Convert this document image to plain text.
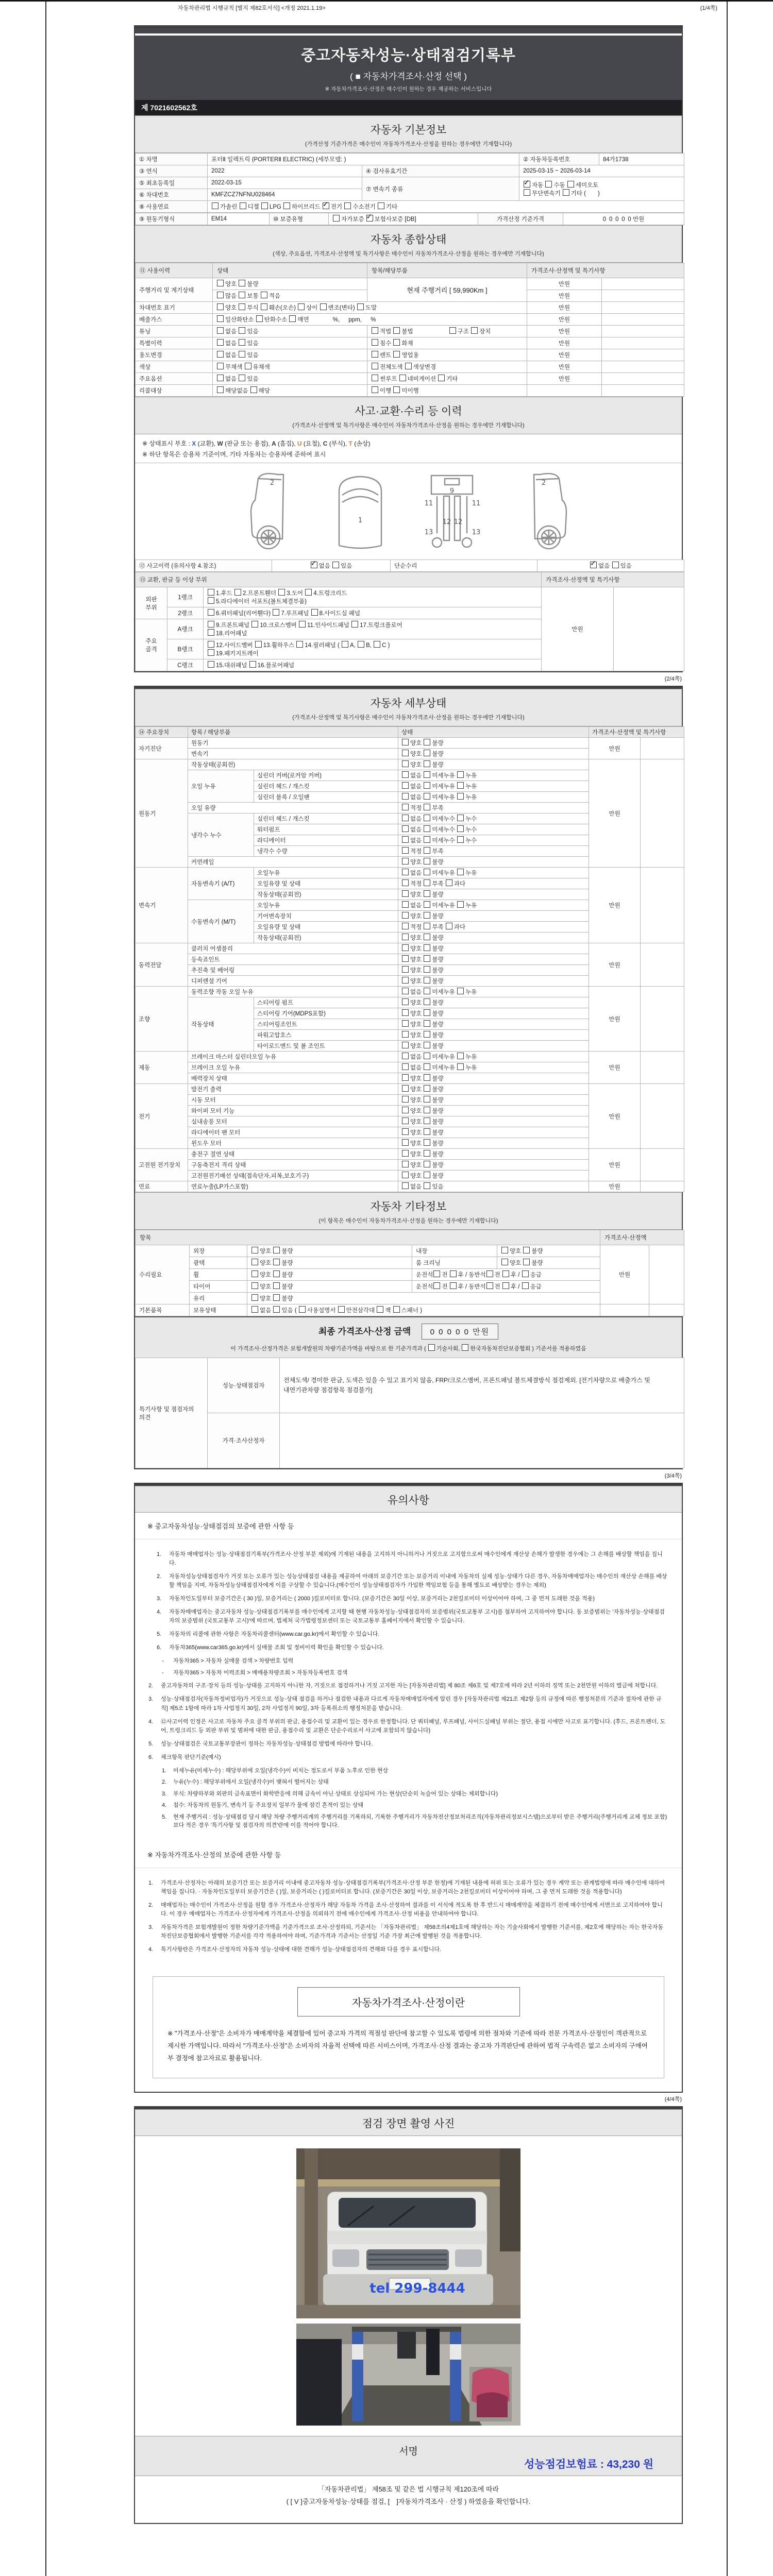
자동차관리법 시행규칙 [별지 제82호서식] <개정 2021.1.19>	(1/4쪽)
중고자동차성능·상태점검기록부
( ■ 자동차가격조사·산정 선택 )
※ 자동차가격조사·산정은 매수인이 원하는 경우 제공하는 서비스입니다
제 7021602562호
자동차 기본정보
(가격산정 기준가격은 매수인이 자동차가격조사·산정을 원하는 경우에만 기재합니다)
① 차명	포터Ⅱ 일렉트릭 (PORTERⅡ ELECTRIC) (세부모델: )		② 자동차등록번호	84가1738
③ 연식	2022	④ 검사유효기간	2025-03-15 ~ 2026-03-14	
⑤ 최초등록일	2022-03-15	⑦ 변속기 종류	✓자동 수동 세미오토
무단변속기 기타 (  )
⑥ 차대번호	KMFZCZ7NFNU028464			
⑧ 사용연료	가솔린 디젤 LPG 하이브리드 ✓전기 수소전기 기타
⑨ 원동기형식	EM14	⑩ 보증유형	자가보증 ✓보험사보증 [DB]	가격산정 기준가격	0 0 0 0 0 만원
자동차 종합상태
(색상, 주요옵션, 가격조사·산정액 및 특기사항은 매수인이 자동차가격조사·산정을 원하는 경우에만 기재합니다)
⑪ 사용이력	상태	항목/해당부품	가격조사·산정액 및 특기사항	
주행거리 및 계기상태	양호 불량	현재 주행거리 [ 59,990Km ]	만원	
	많음 보통 적음		만원	
차대번호 표기	양호 부식 훼손(오손) 상이 변조(변타) 도말		만원	
배출가스	일산화탄소 탄화수소 매연    %,  ppm,  %		만원	
튜닝	없음 있음	적법 불법      구조 장치	만원	
특별이력	없음 있음	침수 화재	만원	
용도변경	없음 있음	렌트 영업용	만원	
색상	무채색 유채색	전체도색 색상변경	만원	
주요옵션	없음 있음	썬루프 네비게이션 기타	만원	
리콜대상	해당없음 해당	이행 미이행		
사고·교환·수리 등 이력
(가격조사·산정액 및 특기사항은 매수인이 자동차가격조사·산정을 원하는 경우에만 기재합니다)
※ 상태표시 부호 : X (교환), W (판금 또는 용접), A (흠집), U (요철), C (부식), T (손상)
※ 하단 항목은 승용차 기준이며, 기타 자동차는 승용차에 준하여 표시
2
1
9
11	11
12 12
13	13
2
⑫ 사고이력 (유의사항 4.참조)	✓없음 있음	단순수리	✓없음 있음
⑬ 교환, 판금 등 이상 부위			가격조사·산정액 및 특기사항	
외판 부위	1랭크	1.후드 2.프론트휀더 3.도어 4.트렁크리드
5.라디에이터 서포트(볼트체결부품)	만원	
	2랭크	6.쿼터패널(리어휀다) 7.루프패널 8.사이드실 패널		
주요 골격	A랭크	9.프론트패널 10.크로스멤버 11.인사이드패널 17.트렁크플로어
18.리어패널		
	B랭크	12.사이드멤버 13.휠하우스 14.필러패널 ( A, B, C )
19.패키지트레이		
	C랭크	15.대쉬패널 16.플로어패널		
(2/4쪽)
자동차 세부상태
(가격조사·산정액 및 특기사항은 매수인이 자동차가격조사·산정을 원하는 경우에만 기재합니다)
⑭ 주요장치	항목 / 해당부품		상태	가격조사·산정액 및 특기사항	
자기진단	원동기		양호 불량	만원	
	변속기		양호 불량		
원동기	작동상태(공회전)		양호 불량	만원	
	오일 누유	실린더 커버(로커암 커버)	없음 미세누유 누유		
		실린더 헤드 / 개스킷	없음 미세누유 누유		
		실린더 블록 / 오일팬	없음 미세누유 누유		
	오일 유량		적정 부족		
	냉각수 누수	실린더 헤드 / 개스킷	없음 미세누수 누수		
		워터펌프	없음 미세누수 누수		
		라디에이터	없음 미세누수 누수		
		냉각수 수량	적정 부족		
	커먼레일		양호 불량		
변속기	자동변속기 (A/T)	오일누유	없음 미세누유 누유	만원	
		오일유량 및 상태	적정 부족 과다		
		작동상태(공회전)	양호 불량		
	수동변속기 (M/T)	오일누유	없음 미세누유 누유		
		기어변속장치	양호 불량		
		오일유량 및 상태	적정 부족 과다		
		작동상태(공회전)	양호 불량		
동력전달	클러치 어셈블리		양호 불량	만원	
	등속죠인트		양호 불량		
	추진축 및 베어링		양호 불량		
	디퍼렌셜 기어		양호 불량		
조향	동력조향 작동 오일 누유		없음 미세누유 누유	만원	
	작동상태	스티어링 펌프	양호 불량		
		스티어링 기어(MDPS포함)	양호 불량		
		스티어링조인트	양호 불량		
		파워고압호스	양호 불량		
		타이로드엔드 및 볼 조인트	양호 불량		
제동	브레이크 마스터 실린더오일 누유		없음 미세누유 누유	만원	
	브레이크 오일 누유		없음 미세누유 누유		
	배력장치 상태		양호 불량		
전기	발전기 출력		양호 불량	만원	
	시동 모터		양호 불량		
	와이퍼 모터 기능		양호 불량		
	실내송풍 모터		양호 불량		
	라디에이터 팬 모터		양호 불량		
	윈도우 모터		양호 불량		
고전원 전기장치	충전구 절연 상태		양호 불량	만원	
	구동축전지 격리 상태		양호 불량		
	고전원전기배선 상태(접속단자,피복,보호기구)		양호 불량		
연료	연료누출(LP가스포함)		없음 있음	만원	
자동차 기타정보
(이 항목은 매수인이 자동차가격조사·산정을 원하는 경우에만 기재합니다)
항목					가격조사·산정액	
수리필요	외장	양호 불량	내장	양호 불량	만원	
	광택	양호 불량	룸 크리닝	양호 불량		
	휠	양호 불량	운전석 전 후 / 동반석 전 후 / 응급			
	타이어	양호 불량	운전석 전 후 / 동반석 전 후 / 응급			
	유리	양호 불량				
기본품목	보유상태	없음 있음 ( 사용설명서 안전삼각대 잭 스패너 )				
최종 가격조사·산정 금액 0 0 0 0 0 만원
이 가격조사·산정가격은 보험개발원의 차량기준가액을 바탕으로 한 기준가격과 ( 기술사회, 한국자동차진단보증협회 ) 기준서를 적용하였음
특기사항 및 점검자의 의견	성능·상태점검자	전체도색/ 경미한 판금, 도색은 있을 수 있고 표기치 않음, FRP/크로스멤버, 프론트패널 볼트체결방식 점검제외. [전기차량으로 배출가스 및 내연기관차량 점검항목 점검불가]
	가격·조사산정자	
(3/4쪽)
유의사항
※ 중고자동차성능·상태점검의 보증에 관한 사항 등
1.	자동차 매매업자는 성능·상태점검기록부(가격조사·산정 부분 제외)에 기재된 내용을 고지하지 아니하거나 거짓으로 고지함으로써 매수인에게 재산상 손해가 발생한 경우에는 그 손해를 배상할 책임을 집니다.
2.	자동차성능상태점검자가 거짓 또는 오류가 있는 성능상태점검 내용을 제공하여 아래의 보증기간 또는 보증거리 이내에 자동차의 실제 성능·상태가 다른 경우, 자동차매매업자는 매수인의 재산상 손해를 배상할 책임을 지며, 자동차성능상태점검자에게 이를 구상할 수 있습니다.(매수인이 성능상태점검자가 가입한 책임보험 등을 통해 별도로 배상받는 경우는 제외)
3.	자동차인도일부터 보증기간은 ( 30 )일, 보증거리는 ( 2000 )킬로미터로 합니다. (보증기간은 30일 이상, 보증거리는 2천킬로미터 이상이어야 하며, 그 중 먼저 도래한 것을 적용)
4.	자동차매매업자는 중고자동차 성능·상태점검기록부를 매수인에게 고지할 때 현행 자동차성능·상태점검자의 보증범위(국토교통부 고시)를 첨부하여 고지하여야 합니다. 동 보증범위는 '자동차성능·상태점검자의 보증범위 (국토교통부 고시)'에 따르며, 법제처 국가법령정보센터 또는 국토교통부 홈페이지에서 확인할 수 있습니다.
5.	자동차의 리콜에 관한 사항은 자동차리콜센터(www.car.go.kr)에서 확인할 수 있습니다.
6.	자동차365(www.car365.go.kr)에서 실매물 조회 및 정비이력 확인을 확인할 수 있습니다.
-	자동차365 > 자동차 실매물 검색 > 차량번호 입력
-	자동차365 > 자동차 이력조회 > 매매용차량조회 > 자동차등록번호 검색
2.	중고자동차의 구조·장치 등의 성능·상태를 고지하지 아니한 자, 거짓으로 점검하거나 거짓 고지한 자는 [자동차관리법] 제 80조 제6호 및 제7호에 따라 2년 이하의 징역 또는 2천만원 이하의 벌금에 처합니다.
3.	성능·상태점검자(자동차정비업자)가 거짓으로 성능·상태 점검을 하거나 점검한 내용과 다르게 자동차매매업자에게 알린 경우 [자동차관리법 제21조 제2항 등의 규정에 따른 행정처분의 기준과 절차에 관한 규칙] 제5조 1항에 따라 1차 사업정지 30일, 2차 사업정지 90일, 3차 등록취소의 행정처분을 받습니다.
4.	⑫사고이력 인정은 사고로 자동차 주요 골격 부위의 판금, 용접수리 및 교환이 있는 경우로 한정합니다. 단 쿼터패널, 루프패널, 사이드실패널 부위는 절단, 용접 시에만 사고로 표기합니다. (후드, 프론트펜더, 도어, 트렁크리드 등 외판 부위 및 범퍼에 대한 판금, 용접수리 및 교환은 단순수리로서 사고에 포함되지 않습니다)
5.	성능·상태점검은 국토교통부장관이 정하는 자동차성능·상태점검 방법에 따라야 합니다.
6.	체크항목 판단기준(예시)
1.	미세누유(미세누수) : 해당부위에 오일(냉각수)이 비치는 정도로서 부품 노후로 인한 현상
2.	누유(누수) : 해당부위에서 오일(냉각수)이 맺혀서 떨어지는 상태
3.	부식: 차량하부와 외판의 금속표면이 화학반응에 의해 금속이 아닌 상태로 상실되어 가는 현상(단순히 녹슬어 있는 상태는 제외합니다)
4.	침수: 자동차의 원동기, 변속기 등 주요장치 일부가 물에 잠긴 흔적이 있는 상태
5.	현재 주행거리 : 성능·상태점검 당시 해당 차량 주행거리계의 주행거리를 기록하되, 기록한 주행거리가 자동차전산정보처리조직(자동차관리정보시스템)으로부터 받은 주행거리(주행거리계 교체 정보 포함)보다 적은 경우 '특기사항 및 점검자의 의견'란에 이를 적어야 합니다.
※ 자동차가격조사·산정의 보증에 관한 사항 등
1.	가격조사·산정자는 아래의 보증기간 또는 보증거리 이내에 중고자동차 성능·상태점검기록부(가격조사·산정 부분 한정)에 기재된 내용에 허위 또는 오류가 있는 경우 계약 또는 관계법령에 따라 매수인에 대하여 책임을 집니다. · 자동차인도일부터 보증기간은 ( )일, 보증거리는 ( )킬로미터로 합니다. (보증기간은 30일 이상, 보증거리는 2천킬로미터 이상이어야 하며, 그 중 먼저 도래한 것을 적용합니다)
2.	매매업자는 매수인이 가격조사·산정을 원할 경우 가격조사·산정자가 해당 자동차 가격을 조사·산정하여 결과를 이 서식에 적도록 한 후 반드시 매매계약을 체결하기 전에 매수인에게 서면으로 고지하여야 합니다. 이 경우 매매업자는 가격조사·산정자에게 가격조사·산정을 의뢰하기 전에 매수인에게 가격조사·산정 비용을 안내하여야 합니다.
3.	자동차가격은 보험개발원이 정한 차량기준가액을 기준가격으로 조사·산정하되, 기준서는 「자동차관리법」 제58조의4제1호에 해당하는 자는 기술사회에서 발행한 기준서를, 제2호에 해당하는 자는 한국자동차진단보증협회에서 발행한 기준서를 각각 적용하여야 하며, 기준가격과 기준서는 산정일 기준 가장 최근에 발행된 것을 적용합니다.
4.	특기사항란은 가격조사·산정자의 자동차 성능·상태에 대한 견해가 성능·상태점검자의 견해와 다를 경우 표시합니다.
자동차가격조사·산정이란
※ "가격조사·산정"은 소비자가 매매계약을 체결함에 있어 중고차 가격의 적절성 판단에 참고할 수 있도록 법령에 의한 절차와 기준에 따라 전문 가격조사·산정인이 객관적으로 제시한 가액입니다. 따라서 "가격조사·산정"은 소비자의 자율적 선택에 따른 서비스이며, 가격조사·산정 결과는 중고차 가격판단에 관하여 법적 구속력은 없고 소비자의 구매여부 결정에 참고자료로 활용됩니다.
(4/4쪽)
점검 장면 촬영 사진
tel 299-8444
서명
성능점검보험료 : 43,230 원
「자동차관리법」 제58조 및 같은 법 시행규칙 제120조에 따라
( [ V ]중고자동차성능·상태를 점검, [ ]자동차가격조사 · 산정 ) 하였음을 확인합니다.
